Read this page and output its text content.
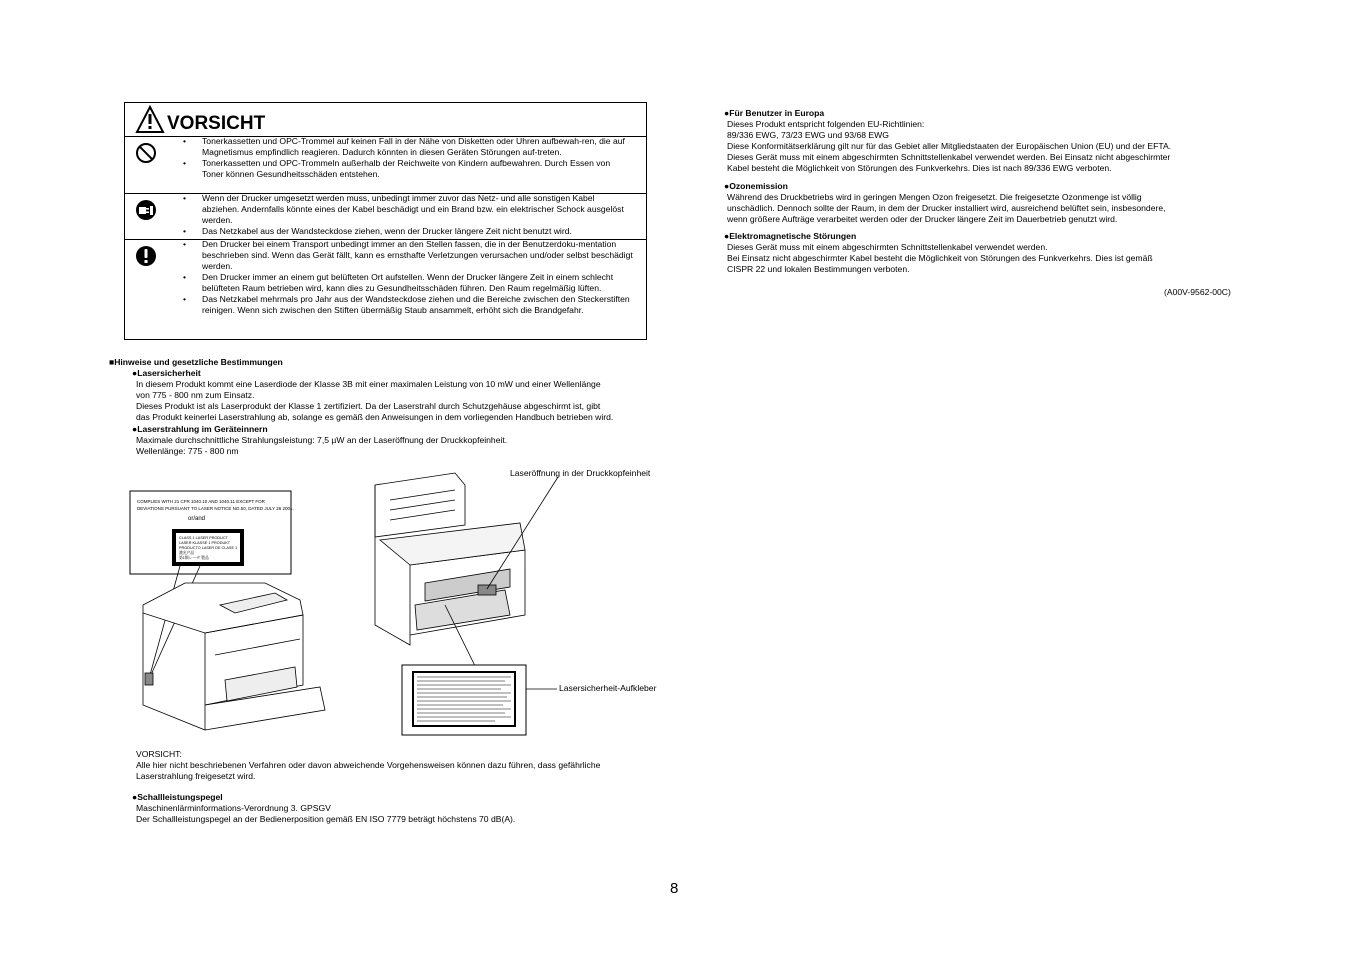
VORSICHT
• Tonerkassetten und OPC-Trommel auf keinen Fall in der Nähe von Disketten oder Uhren aufbewah-ren, die auf Magnetismus empfindlich reagieren. Dadurch könnten in diesen Geräten Störungen auf-treten.
• Tonerkassetten und OPC-Trommeln außerhalb der Reichweite von Kindern aufbewahren. Durch Essen von Toner können Gesundheitsschäden entstehen.
• Wenn der Drucker umgesetzt werden muss, unbedingt immer zuvor das Netz- und alle sonstigen Kabel abziehen. Andernfalls könnte eines der Kabel beschädigt und ein Brand bzw. ein elektrischer Schock ausgelöst werden.
• Das Netzkabel aus der Wandsteckdose ziehen, wenn der Drucker längere Zeit nicht benutzt wird.
• Den Drucker bei einem Transport unbedingt immer an den Stellen fassen, die in der Benutzerdoku-mentation beschrieben sind. Wenn das Gerät fällt, kann es ernsthafte Verletzungen verursachen und/oder selbst beschädigt werden.
• Den Drucker immer an einem gut belüfteten Ort aufstellen. Wenn der Drucker längere Zeit in einem schlecht belüfteten Raum betrieben wird, kann dies zu Gesundheitsschäden führen. Den Raum regelmäßig lüften.
• Das Netzkabel mehrmals pro Jahr aus der Wandsteckdose ziehen und die Bereiche zwischen den Steckerstiften reinigen. Wenn sich zwischen den Stiften übermäßig Staub ansammelt, erhöht sich die Brandgefahr.
■Hinweise und gesetzliche Bestimmungen
●Lasersicherheit
In diesem Produkt kommt eine Laserdiode der Klasse 3B mit einer maximalen Leistung von 10 mW und einer Wellenlänge
von 775 - 800 nm zum Einsatz.
Dieses Produkt ist als Laserprodukt der Klasse 1 zertifiziert. Da der Laserstrahl durch Schutzgehäuse abgeschirmt ist, gibt
das Produkt keinerlei Laserstrahlung ab, solange es gemäß den Anweisungen in dem vorliegenden Handbuch betrieben wird.
●Laserstrahlung im Geräteinnern
Maximale durchschnittliche Strahlungsleistung: 7,5 µW an der Laseröffnung der Druckkopfeinheit.
Wellenlänge: 775 - 800 nm
COMPLIES WITH 21 CFR 1040.10 AND 1040.11 EXCEPT FOR
DEVIATIONS PURSUANT TO LASER NOTICE NO.50, DATED JULY 26 2001.
or/and
CLASS 1 LASER PRODUCT
LASER KLASSE 1 PRODUKT
PRODUCTO LASER DE CLASE 1
激光产品
第1類レーザ 製品
Laseröffnung in der Druckkopfeinheit
Lasersicherheit-Aufkleber
VORSICHT:
Alle hier nicht beschriebenen Verfahren oder davon abweichende Vorgehensweisen können dazu führen, dass gefährliche
Laserstrahlung freigesetzt wird.
●Schallleistungspegel
Maschinenlärminformations-Verordnung 3. GPSGV
Der Schallleistungspegel an der Bedienerposition gemäß EN ISO 7779 beträgt höchstens 70 dB(A).
8
●Für Benutzer in Europa
Dieses Produkt entspricht folgenden EU-Richtlinien:
89/336 EWG, 73/23 EWG und 93/68 EWG
Diese Konformitätserklärung gilt nur für das Gebiet aller Mitgliedstaaten der Europäischen Union (EU) und der EFTA.
Dieses Gerät muss mit einem abgeschirmten Schnittstellenkabel verwendet werden. Bei Einsatz nicht abgeschirmter
Kabel besteht die Möglichkeit von Störungen des Funkverkehrs. Dies ist nach 89/336 EWG verboten.
●Ozonemission
Während des Druckbetriebs wird in geringen Mengen Ozon freigesetzt. Die freigesetzte Ozonmenge ist völlig
unschädlich. Dennoch sollte der Raum, in dem der Drucker installiert wird, ausreichend belüftet sein, insbesondere,
wenn größere Aufträge verarbeitet werden oder der Drucker längere Zeit im Dauerbetrieb genutzt wird.
●Elektromagnetische Störungen
Dieses Gerät muss mit einem abgeschirmten Schnittstellenkabel verwendet werden.
Bei Einsatz nicht abgeschirmter Kabel besteht die Möglichkeit von Störungen des Funkverkehrs. Dies ist gemäß
CISPR 22 und lokalen Bestimmungen verboten.
(A00V-9562-00C)
